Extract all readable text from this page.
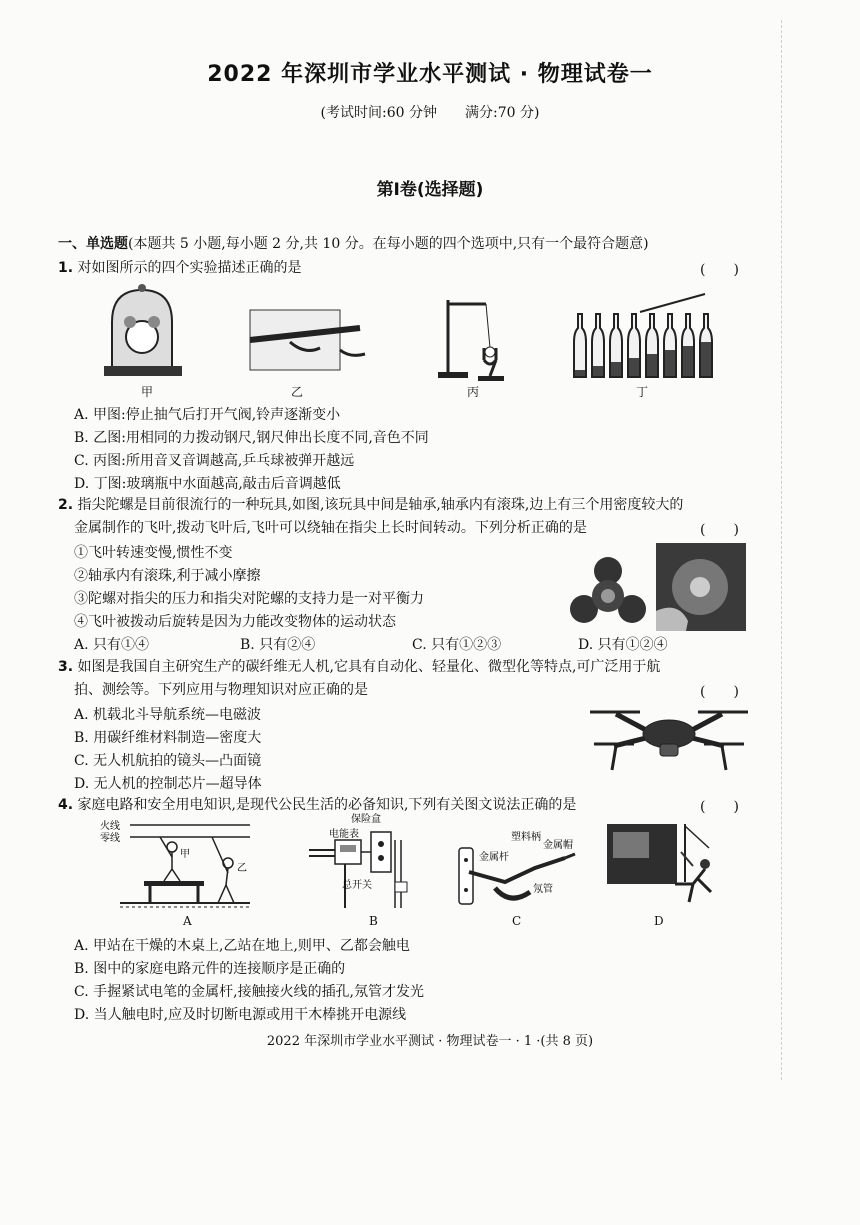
2022 年深圳市学业水平测试 · 物理试卷一
(考试时间:60 分钟　　满分:70 分)
第Ⅰ卷(选择题)
一、单选题(本题共 5 小题,每小题 2 分,共 10 分。在每小题的四个选项中,只有一个最符合题意)
1. 对如图所示的四个实验描述正确的是	(　　)
甲	乙	丙	丁
A. 甲图:停止抽气后打开气阀,铃声逐渐变小
B. 乙图:用相同的力拨动钢尺,钢尺伸出长度不同,音色不同
C. 丙图:所用音叉音调越高,乒乓球被弹开越远
D. 丁图:玻璃瓶中水面越高,敲击后音调越低
2. 指尖陀螺是目前很流行的一种玩具,如图,该玩具中间是轴承,轴承内有滚珠,边上有三个用密度较大的
金属制作的飞叶,拨动飞叶后,飞叶可以绕轴在指尖上长时间转动。下列分析正确的是	(　　)
①飞叶转速变慢,惯性不变
②轴承内有滚珠,利于减小摩擦
③陀螺对指尖的压力和指尖对陀螺的支持力是一对平衡力
④飞叶被拨动后旋转是因为力能改变物体的运动状态
A. 只有①④	B. 只有②④	C. 只有①②③	D. 只有①②④
3. 如图是我国自主研究生产的碳纤维无人机,它具有自动化、轻量化、微型化等特点,可广泛用于航
拍、测绘等。下列应用与物理知识对应正确的是	(　　)
A. 机载北斗导航系统—电磁波
B. 用碳纤维材料制造—密度大
C. 无人机航拍的镜头—凸面镜
D. 无人机的控制芯片—超导体
4. 家庭电路和安全用电知识,是现代公民生活的必备知识,下列有关图文说法正确的是	(　　)
火线
零线
甲
乙
保险盒
电能表
总开关
金属杆
塑料柄
金属帽
氖管
A	B	C	D
A. 甲站在干燥的木桌上,乙站在地上,则甲、乙都会触电
B. 图中的家庭电路元件的连接顺序是正确的
C. 手握紧试电笔的金属杆,接触接火线的插孔,氖管才发光
D. 当人触电时,应及时切断电源或用干木棒挑开电源线
2022 年深圳市学业水平测试 · 物理试卷一 · 1 ·(共 8 页)
